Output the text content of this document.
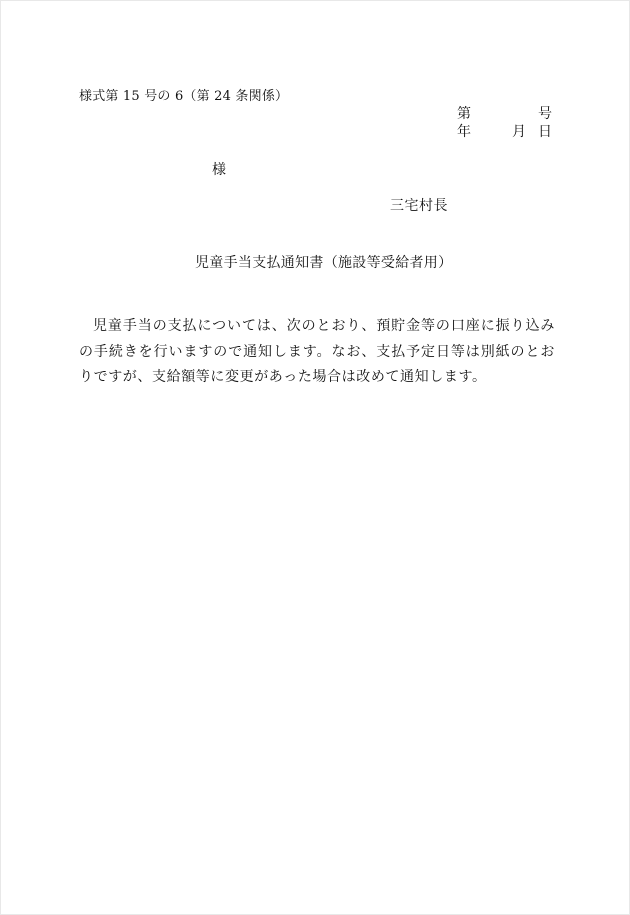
様式第 15 号の 6（第 24 条関係）
第	号
年	月 日
様
三宅村長
児童手当支払通知書（施設等受給者用）
児童手当の支払については、次のとおり、預貯金等の口座に振り込みの手続きを行いますので通知します。なお、支払予定日等は別紙のとおりですが、支給額等に変更があった場合は改めて通知します。
